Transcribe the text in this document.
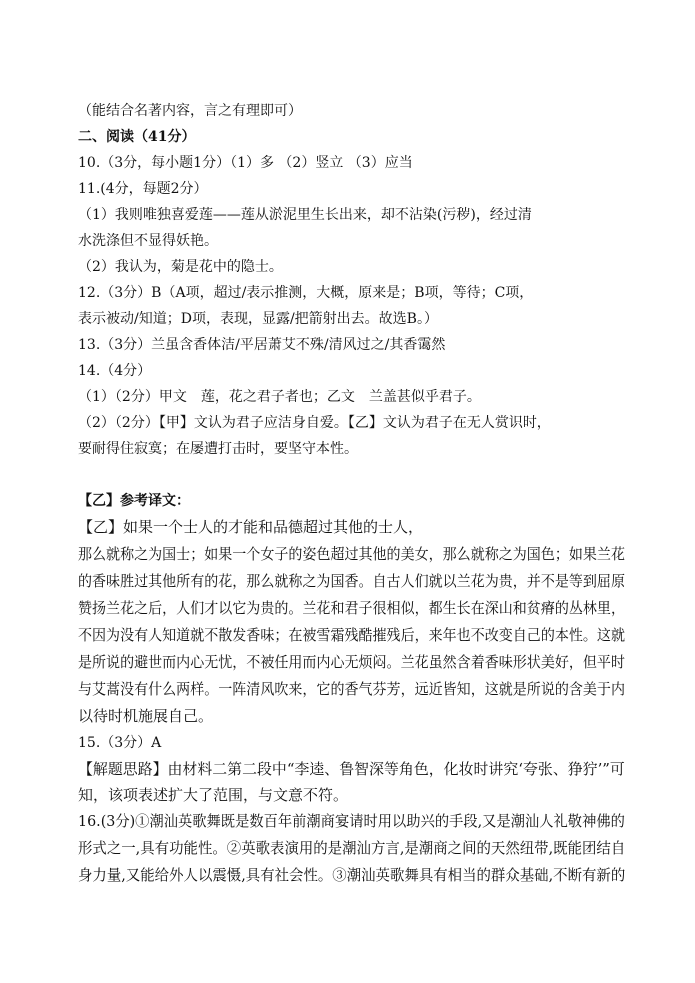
（能结合名著内容，言之有理即可）
二、阅读（41分）
10.（3分，每小题1分）（1）多 （2）竖立 （3）应当
11.(4分，每题2分）
（1）我则唯独喜爱莲——莲从淤泥里生长出来，却不沾染(污秽)，经过清
水洗涤但不显得妖艳。
（2）我认为，菊是花中的隐士。
12.（3分）B（A项，超过/表示推测，大概，原来是；B项，等待；C项，
表示被动/知道；D项，表现，显露/把箭射出去。故选B。）
13.（3分）兰虽含香体洁/平居萧艾不殊/清风过之/其香霭然
14.（4分）
（1）（2分）甲文　莲，花之君子者也；乙文　兰盖甚似乎君子。
（2）（2分）【甲】文认为君子应洁身自爱。【乙】文认为君子在无人赏识时，
要耐得住寂寞；在屡遭打击时，要坚守本性。
【乙】参考译文：
【乙】如果一个士人的才能和品德超过其他的士人，
那么就称之为国士；如果一个女子的姿色超过其他的美女，那么就称之为国色；如果兰花
的香味胜过其他所有的花，那么就称之为国香。自古人们就以兰花为贵，并不是等到屈原
赞扬兰花之后，人们才以它为贵的。兰花和君子很相似，都生长在深山和贫瘠的丛林里，
不因为没有人知道就不散发香味；在被雪霜残酷摧残后，来年也不改变自己的本性。这就
是所说的避世而内心无忧，不被任用而内心无烦闷。兰花虽然含着香味形状美好，但平时
与艾蒿没有什么两样。一阵清风吹来，它的香气芬芳，远近皆知，这就是所说的含美于内
以待时机施展自己。
15.（3分）A
【解题思路】由材料二第二段中“李逵、鲁智深等角色，化妆时讲究‘夸张、狰狞’”可
知，该项表述扩大了范围，与文意不符。
16.(3分)①潮汕英歌舞既是数百年前潮商宴请时用以助兴的手段,又是潮汕人礼敬神佛的
形式之一,具有功能性。②英歌表演用的是潮汕方言,是潮商之间的天然纽带,既能团结自
身力量,又能给外人以震慑,具有社会性。③潮汕英歌舞具有相当的群众基础,不断有新的
